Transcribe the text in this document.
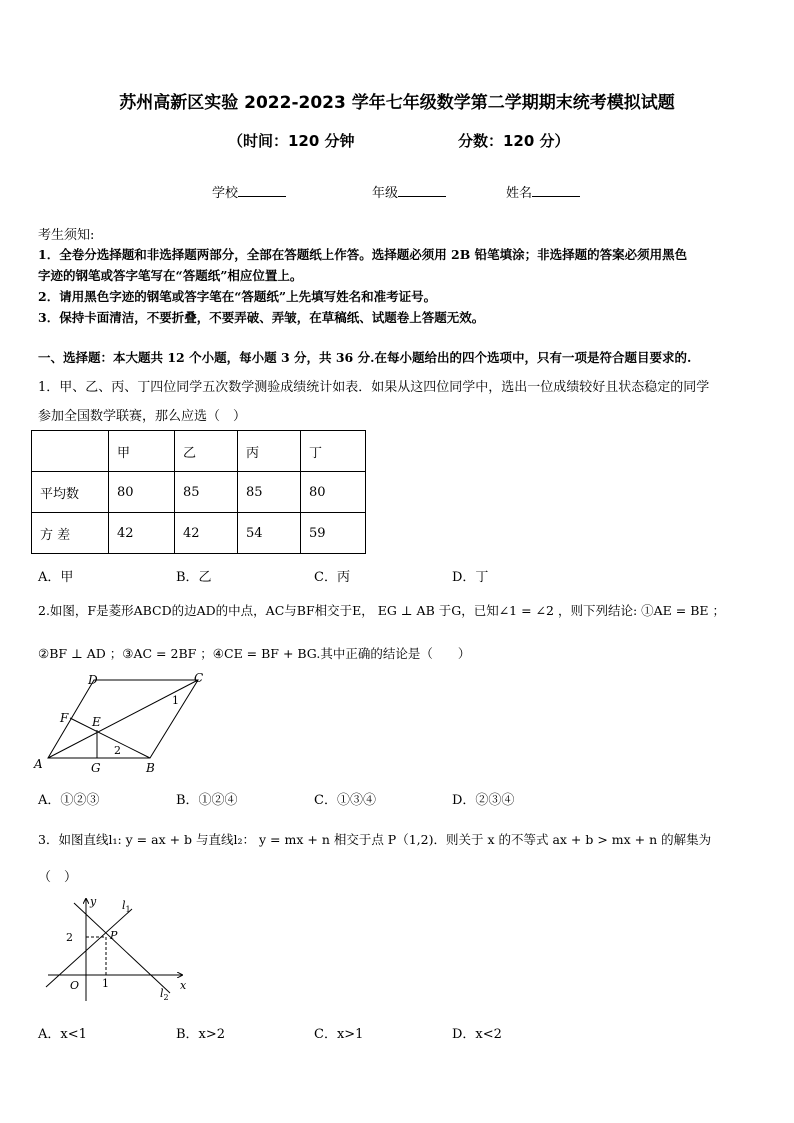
苏州高新区实验 2022-2023 学年七年级数学第二学期期末统考模拟试题
（时间：120 分钟	分数：120 分）
学校	年级	姓名
考生须知:
1．全卷分选择题和非选择题两部分，全部在答题纸上作答。选择题必须用 2B 铅笔填涂；非选择题的答案必须用黑色
字迹的钢笔或答字笔写在“答题纸”相应位置上。
2．请用黑色字迹的钢笔或答字笔在“答题纸”上先填写姓名和准考证号。
3．保持卡面清洁，不要折叠，不要弄破、弄皱，在草稿纸、试题卷上答题无效。
一、选择题：本大题共 12 个小题，每小题 3 分，共 36 分.在每小题给出的四个选项中，只有一项是符合题目要求的.
1．甲、乙、丙、丁四位同学五次数学测验成绩统计如表．如果从这四位同学中，选出一位成绩较好且状态稳定的同学
参加全国数学联赛，那么应选（　）
	甲	乙	丙	丁
平均数	80	85	85	80
方 差	42	42	54	59
A．甲	B．乙	C．丙	D．丁
2.如图，F是菱形ABCD的边AD的中点，AC与BF相交于E， EG ⊥ AB 于G，已知∠1 = ∠2 ，则下列结论: ①AE = BE ；
②BF ⊥ AD ；③AC = 2BF ；④CE = BF + BG.其中正确的结论是（　　）
A	B
C
D
E
F
G
1
2
A．①②③	B．①②④	C．①③④	D．②③④
3．如图直线l₁: y = ax + b 与直线l₂： y = mx + n 相交于点 P（1,2)．则关于 x 的不等式 ax + b > mx + n 的解集为
（　）
y
x
O
P
2
1
$l_1$
$l_2$
A．x<1	B．x>2	C．x>1	D．x<2
